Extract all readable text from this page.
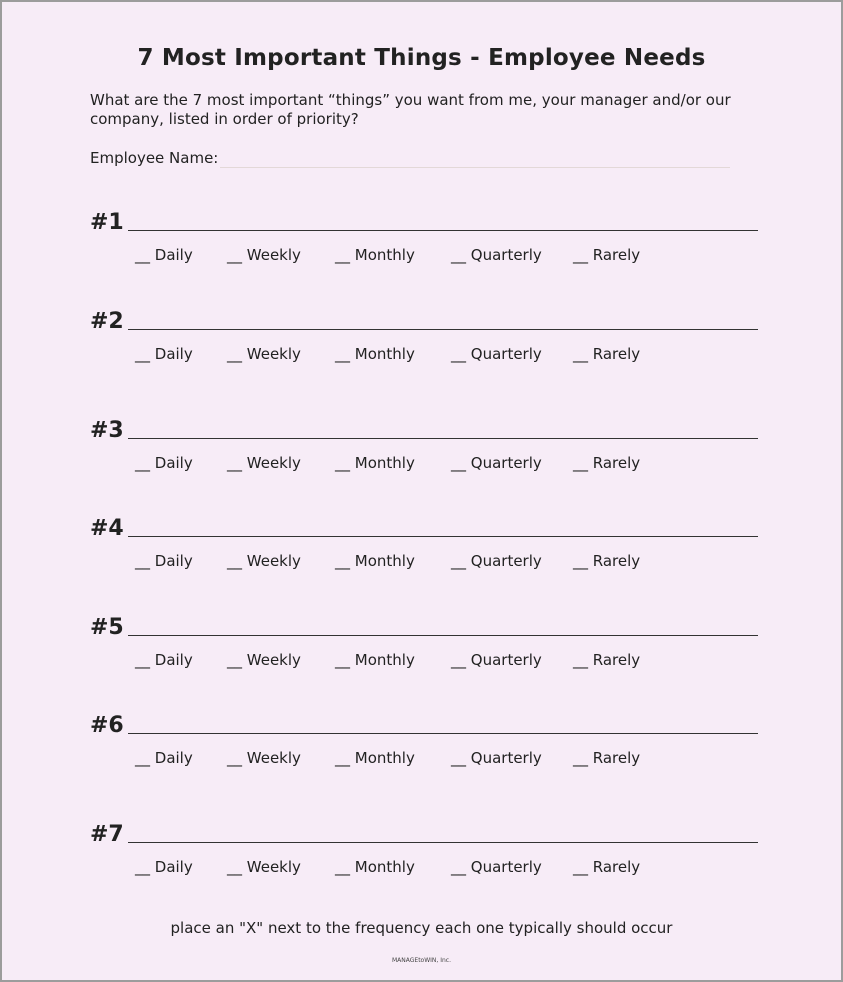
7 Most Important Things - Employee Needs
What are the 7 most important “things” you want from me, your manager and/or our company, listed in order of priority?
Employee Name:
#1
__ Daily __ Weekly __ Monthly __ Quarterly __ Rarely
#2
__ Daily __ Weekly __ Monthly __ Quarterly __ Rarely
#3
__ Daily __ Weekly __ Monthly __ Quarterly __ Rarely
#4
__ Daily __ Weekly __ Monthly __ Quarterly __ Rarely
#5
__ Daily __ Weekly __ Monthly __ Quarterly __ Rarely
#6
__ Daily __ Weekly __ Monthly __ Quarterly __ Rarely
#7
__ Daily __ Weekly __ Monthly __ Quarterly __ Rarely
place an "X" next to the frequency each one typically should occur
MANAGEtoWIN, Inc.
